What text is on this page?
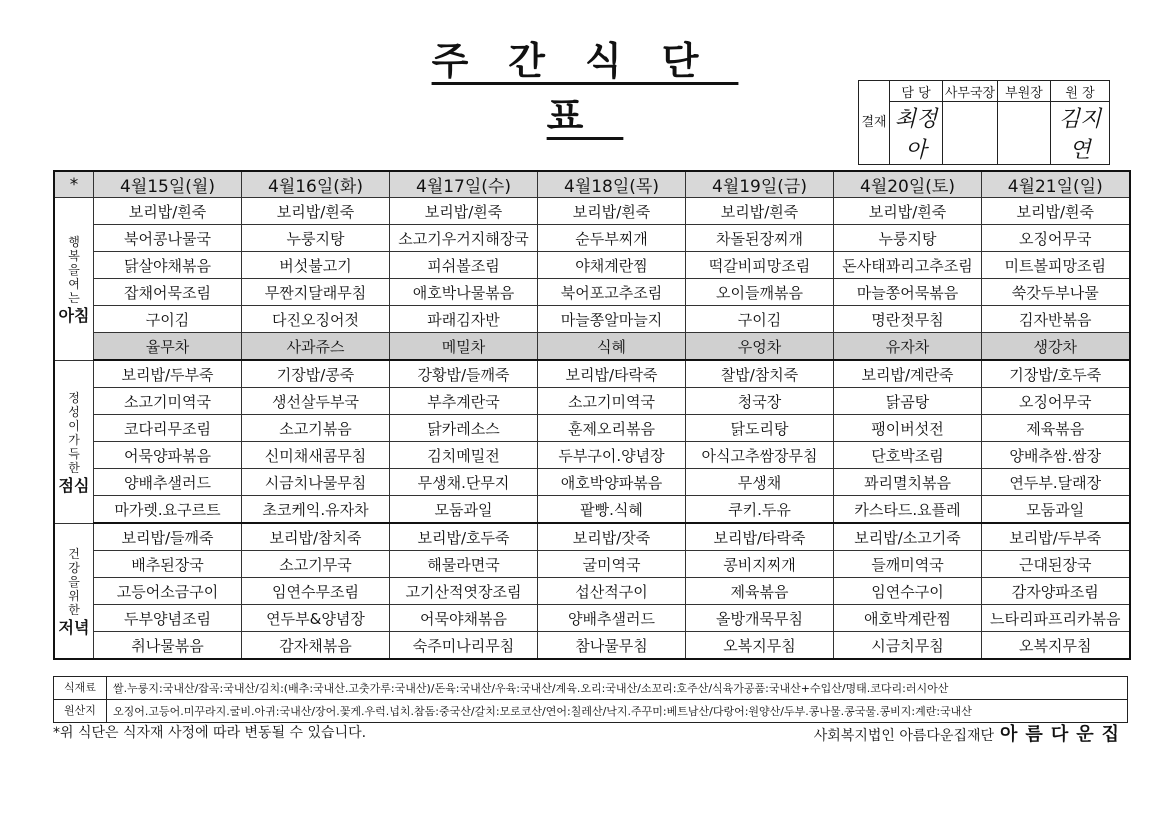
주간식단표	결재	담 당	사무국장	부원장	원 장
	최정아			김지연
*	4월15일(월)	4월16일(화)	4월17일(수)	4월18일(목)	4월19일(금)	4월20일(토)	4월21일(일)

행복을여는
아침	보리밥/흰죽	보리밥/흰죽	보리밥/흰죽	보리밥/흰죽	보리밥/흰죽	보리밥/흰죽	보리밥/흰죽
	북어콩나물국	누룽지탕	소고기우거지해장국	순두부찌개	차돌된장찌개	누룽지탕	오징어무국
	닭살야채볶음	버섯불고기	피쉬볼조림	야채계란찜	떡갈비피망조림	돈사태꽈리고추조림	미트볼피망조림
	잡채어묵조림	무짠지달래무침	애호박나물볶음	북어포고추조림	오이들깨볶음	마늘쫑어묵볶음	쑥갓두부나물
	구이김	다진오징어젓	파래김자반	마늘쫑알마늘지	구이김	명란젓무침	김자반볶음
	율무차	사과쥬스	메밀차	식혜	우엉차	유자차	생강차

정성이가득한
점심	보리밥/두부죽	기장밥/콩죽	강황밥/들깨죽	보리밥/타락죽	찰밥/참치죽	보리밥/계란죽	기장밥/호두죽
	소고기미역국	생선살두부국	부추계란국	소고기미역국	청국장	닭곰탕	오징어무국
	코다리무조림	소고기볶음	닭카레소스	훈제오리볶음	닭도리탕	팽이버섯전	제육볶음
	어묵양파볶음	신미채새콤무침	김치메밀전	두부구이.양념장	아식고추쌈장무침	단호박조림	양배추쌈.쌈장
	양배추샐러드	시금치나물무침	무생채.단무지	애호박양파볶음	무생채	꽈리멸치볶음	연두부.달래장
	마가렛.요구르트	초코케익.유자차	모둠과일	팥빵.식혜	쿠키.두유	카스타드.요플레	모둠과일

건강을위한
저녁	보리밥/들깨죽	보리밥/참치죽	보리밥/호두죽	보리밥/잣죽	보리밥/타락죽	보리밥/소고기죽	보리밥/두부죽
	배추된장국	소고기무국	해물라면국	굴미역국	콩비지찌개	들깨미역국	근대된장국
	고등어소금구이	임연수무조림	고기산적엿장조림	섭산적구이	제육볶음	임연수구이	감자양파조림
	두부양념조림	연두부&양념장	어묵야채볶음	양배추샐러드	올방개묵무침	애호박계란찜	느타리파프리카볶음
	취나물볶음	감자채볶음	숙주미나리무침	참나물무침	오복지무침	시금치무침	오복지무침
식재료	쌀.누룽지:국내산/잡곡:국내산/김치:(배추:국내산.고춧가루:국내산)/돈육:국내산/우육:국내산/계육.오리:국내산/소꼬리:호주산/식육가공품:국내산+수입산/명태.코다리:러시아산
원산지	오징어.고등어.미꾸라지.굴비.아귀:국내산/장어.꽃게.우럭.넙치.참돔:중국산/갈치:모로코산/연어:칠레산/낙지.주꾸미:베트남산/다랑어:원양산/두부.콩나물.콩국물.콩비지:계란:국내산
*위 식단은 식자재 사정에 따라 변동될 수 있습니다.	사회복지법인 아름다운집재단 아름다운집
